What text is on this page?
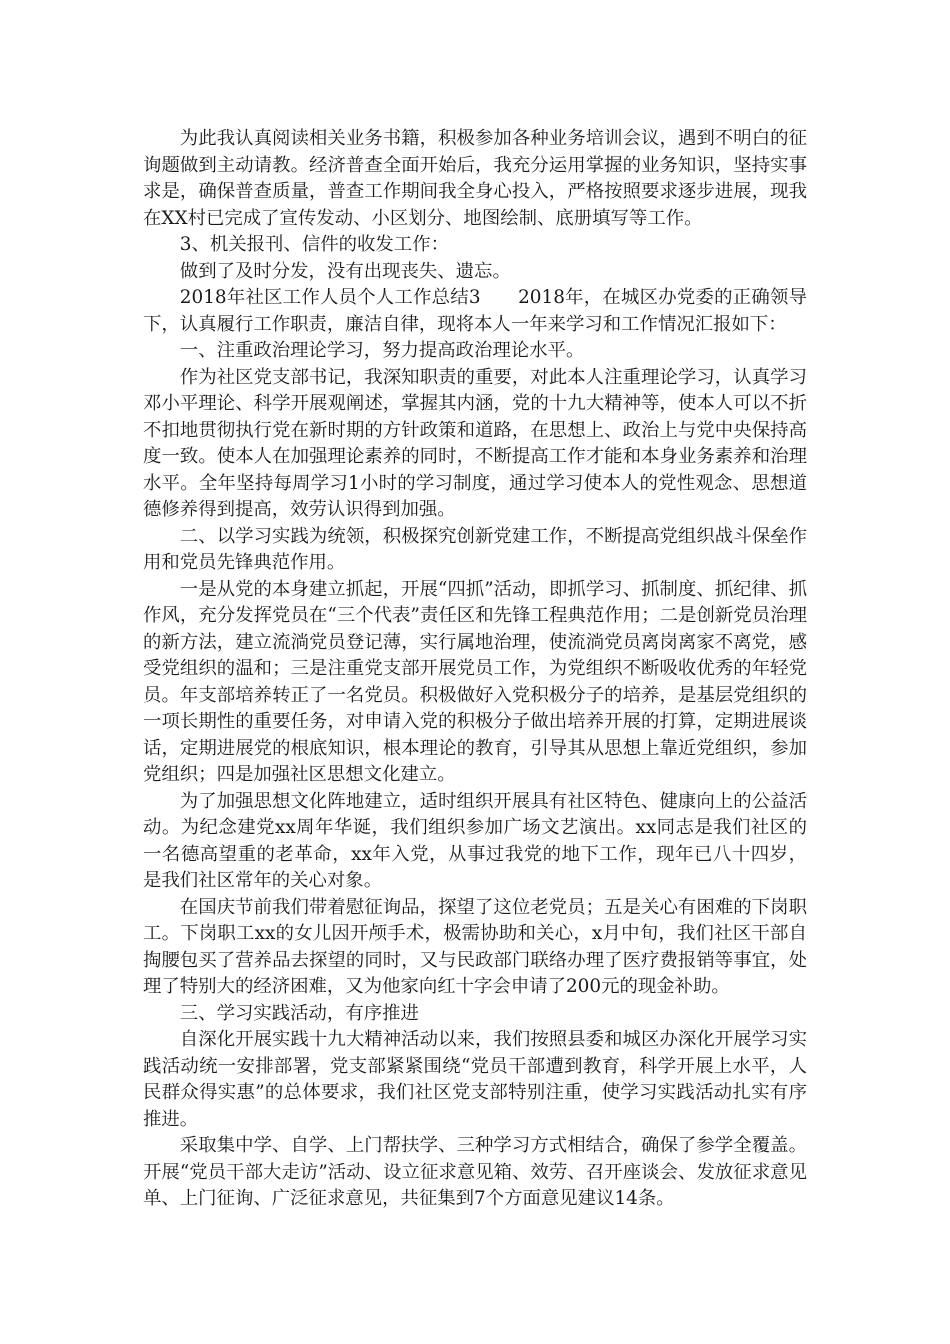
为此我认真阅读相关业务书籍，积极参加各种业务培训会议，遇到不明白的征询题做到主动请教。经济普查全面开始后，我充分运用掌握的业务知识，坚持实事求是，确保普查质量，普查工作期间我全身心投入，严格按照要求逐步进展，现我在XX村已完成了宣传发动、小区划分、地图绘制、底册填写等工作。

3、机关报刊、信件的收发工作：

做到了及时分发，没有出现丧失、遗忘。

2018年社区工作人员个人工作总结3　　2018年，在城区办党委的正确领导下，认真履行工作职责，廉洁自律，现将本人一年来学习和工作情况汇报如下：

一、注重政治理论学习，努力提高政治理论水平。

作为社区党支部书记，我深知职责的重要，对此本人注重理论学习，认真学习邓小平理论、科学开展观阐述，掌握其内涵，党的十九大精神等，使本人可以不折不扣地贯彻执行党在新时期的方针政策和道路，在思想上、政治上与党中央保持高度一致。使本人在加强理论素养的同时，不断提高工作才能和本身业务素养和治理水平。全年坚持每周学习1小时的学习制度，通过学习使本人的党性观念、思想道德修养得到提高，效劳认识得到加强。

二、以学习实践为统领，积极探究创新党建工作，不断提高党组织战斗保垒作用和党员先锋典范作用。

一是从党的本身建立抓起，开展“四抓”活动，即抓学习、抓制度、抓纪律、抓作风，充分发挥党员在“三个代表”责任区和先锋工程典范作用；二是创新党员治理的新方法，建立流淌党员登记薄，实行属地治理，使流淌党员离岗离家不离党，感受党组织的温和；三是注重党支部开展党员工作，为党组织不断吸收优秀的年轻党员。年支部培养转正了一名党员。积极做好入党积极分子的培养，是基层党组织的一项长期性的重要任务，对申请入党的积极分子做出培养开展的打算，定期进展谈话，定期进展党的根底知识，根本理论的教育，引导其从思想上靠近党组织，参加党组织；四是加强社区思想文化建立。

为了加强思想文化阵地建立，适时组织开展具有社区特色、健康向上的公益活动。为纪念建党xx周年华诞，我们组织参加广场文艺演出。xx同志是我们社区的一名德高望重的老革命，xx年入党，从事过我党的地下工作，现年已八十四岁，是我们社区常年的关心对象。

在国庆节前我们带着慰征询品，探望了这位老党员；五是关心有困难的下岗职工。下岗职工xx的女儿因开颅手术，极需协助和关心，x月中旬，我们社区干部自掏腰包买了营养品去探望的同时，又与民政部门联络办理了医疗费报销等事宜，处理了特别大的经济困难，又为他家向红十字会申请了200元的现金补助。

三、学习实践活动，有序推进

自深化开展实践十九大精神活动以来，我们按照县委和城区办深化开展学习实践活动统一安排部署，党支部紧紧围绕“党员干部遭到教育，科学开展上水平，人民群众得实惠”的总体要求，我们社区党支部特别注重，使学习实践活动扎实有序推进。

采取集中学、自学、上门帮扶学、三种学习方式相结合，确保了参学全覆盖。开展“党员干部大走访”活动、设立征求意见箱、效劳、召开座谈会、发放征求意见单、上门征询、广泛征求意见，共征集到7个方面意见建议14条。
